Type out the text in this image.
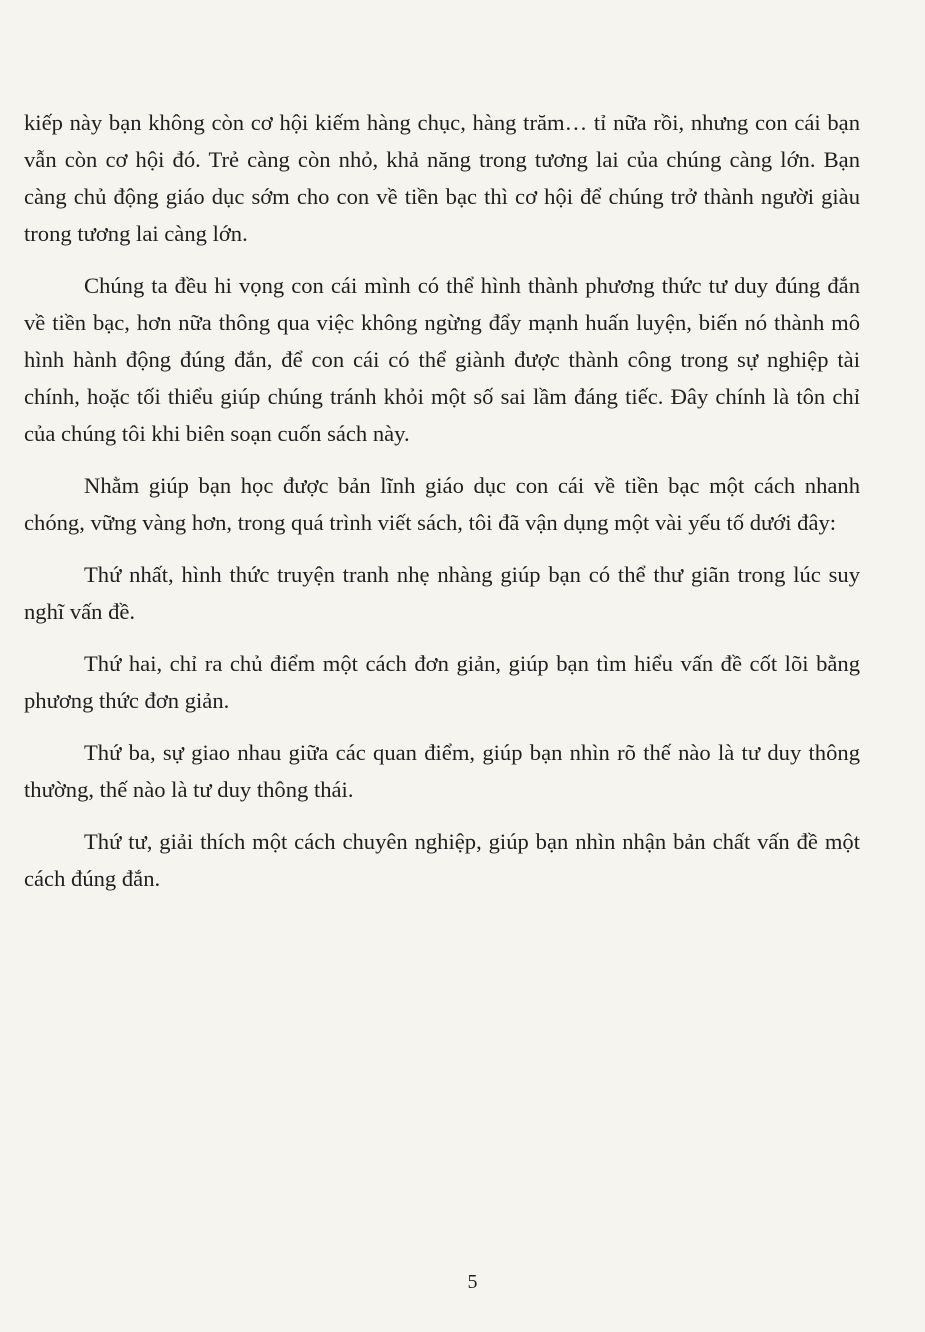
kiếp này bạn không còn cơ hội kiếm hàng chục, hàng trăm… tỉ nữa rồi, nhưng con cái bạn vẫn còn cơ hội đó. Trẻ càng còn nhỏ, khả năng trong tương lai của chúng càng lớn. Bạn càng chủ động giáo dục sớm cho con về tiền bạc thì cơ hội để chúng trở thành người giàu trong tương lai càng lớn.

Chúng ta đều hi vọng con cái mình có thể hình thành phương thức tư duy đúng đắn về tiền bạc, hơn nữa thông qua việc không ngừng đẩy mạnh huấn luyện, biến nó thành mô hình hành động đúng đắn, để con cái có thể giành được thành công trong sự nghiệp tài chính, hoặc tối thiểu giúp chúng tránh khỏi một số sai lầm đáng tiếc. Đây chính là tôn chỉ của chúng tôi khi biên soạn cuốn sách này.

Nhằm giúp bạn học được bản lĩnh giáo dục con cái về tiền bạc một cách nhanh chóng, vững vàng hơn, trong quá trình viết sách, tôi đã vận dụng một vài yếu tố dưới đây:

Thứ nhất, hình thức truyện tranh nhẹ nhàng giúp bạn có thể thư giãn trong lúc suy nghĩ vấn đề.

Thứ hai, chỉ ra chủ điểm một cách đơn giản, giúp bạn tìm hiểu vấn đề cốt lõi bằng phương thức đơn giản.

Thứ ba, sự giao nhau giữa các quan điểm, giúp bạn nhìn rõ thế nào là tư duy thông thường, thế nào là tư duy thông thái.

Thứ tư, giải thích một cách chuyên nghiệp, giúp bạn nhìn nhận bản chất vấn đề một cách đúng đắn.

5
